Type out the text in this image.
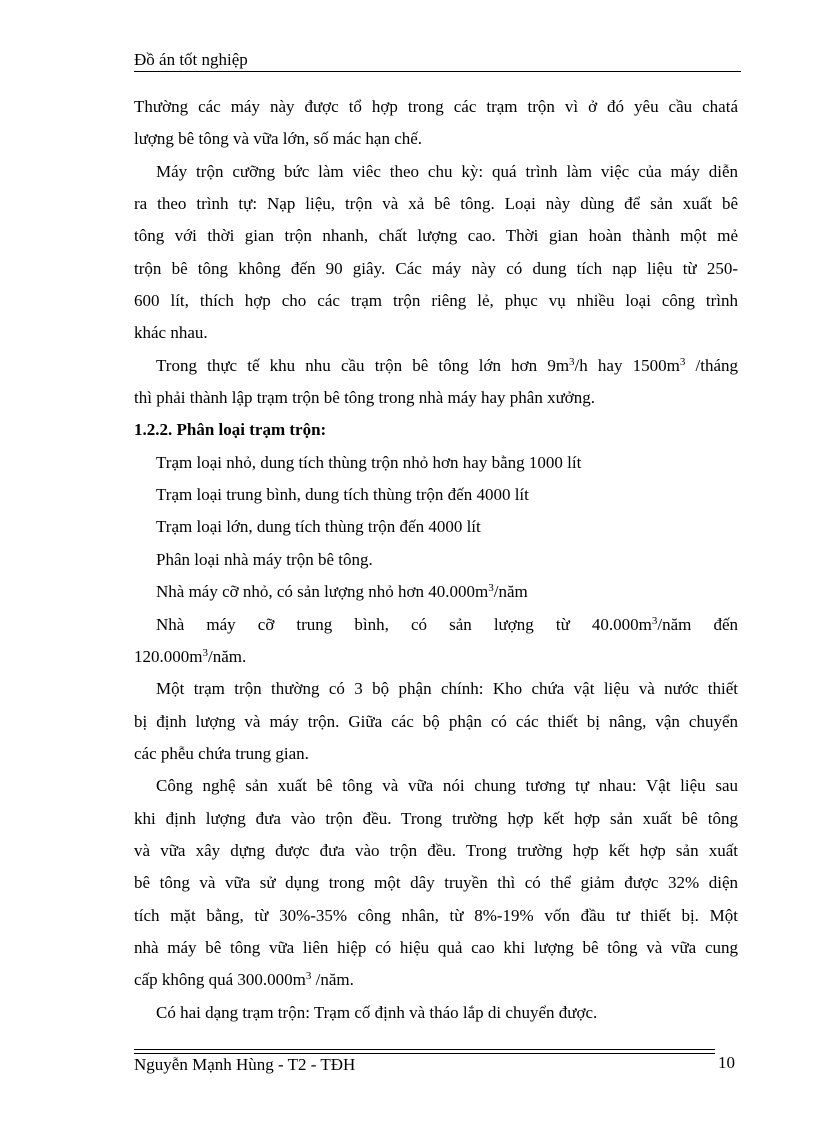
Đồ án tốt nghiệp
Thường các máy này được tổ hợp trong các trạm trộn vì ở đó yêu cầu chatá
lượng bê tông và vữa lớn, số mác hạn chế.
Máy trộn cưỡng bức làm viêc theo chu kỳ: quá trình làm việc của máy diễn
ra theo trình tự: Nạp liệu, trộn và xả bê tông. Loại này dùng để sản xuất bê
tông với thời gian trộn nhanh, chất lượng cao. Thời gian hoàn thành một mẻ
trộn bê tông không đến 90 giây. Các máy này có dung tích nạp liệu từ 250-
600 lít, thích hợp cho các trạm trộn riêng lẻ, phục vụ nhiều loại công trình
khác nhau.
Trong thực tế khu nhu cầu trộn bê tông lớn hơn $9m^3/h$ hay $1500m^3$ /tháng
thì phải thành lập trạm trộn bê tông trong nhà máy hay phân xưởng.
1.2.2. Phân loại trạm trộn:
Trạm loại nhỏ, dung tích thùng trộn nhỏ hơn hay bằng 1000 lít
Trạm loại trung bình, dung tích thùng trộn đến 4000 lít
Trạm loại lớn, dung tích thùng trộn đến 4000 lít
Phân loại nhà máy trộn bê tông.
Nhà máy cỡ nhỏ, có sản lượng nhỏ hơn $40.000m^3$/năm
Nhà máy cỡ trung bình, có sản lượng từ $40.000m^3$/năm đến
$120.000m^3$/năm.
Một trạm trộn thường có 3 bộ phận chính: Kho chứa vật liệu và nước thiết
bị định lượng và máy trộn. Giữa các bộ phận có các thiết bị nâng, vận chuyển
các phễu chứa trung gian.
Công nghệ sản xuất bê tông và vữa nói chung tương tự nhau: Vật liệu sau
khi định lượng đưa vào trộn đều. Trong trường hợp kết hợp sản xuất bê tông
và vữa xây dựng được đưa vào trộn đều. Trong trường hợp kết hợp sản xuất
bê tông và vữa sử dụng trong một dây truyền thì có thể giảm được 32% diện
tích mặt bằng, từ 30%-35% công nhân, từ 8%-19% vốn đầu tư thiết bị. Một
nhà máy bê tông vữa liên hiệp có hiệu quả cao khi lượng bê tông và vữa cung
cấp không quá $300.000m^3$ /năm.
Có hai dạng trạm trộn: Trạm cố định và tháo lắp di chuyển được.
Nguyễn Mạnh Hùng - T2 - TĐH	10
